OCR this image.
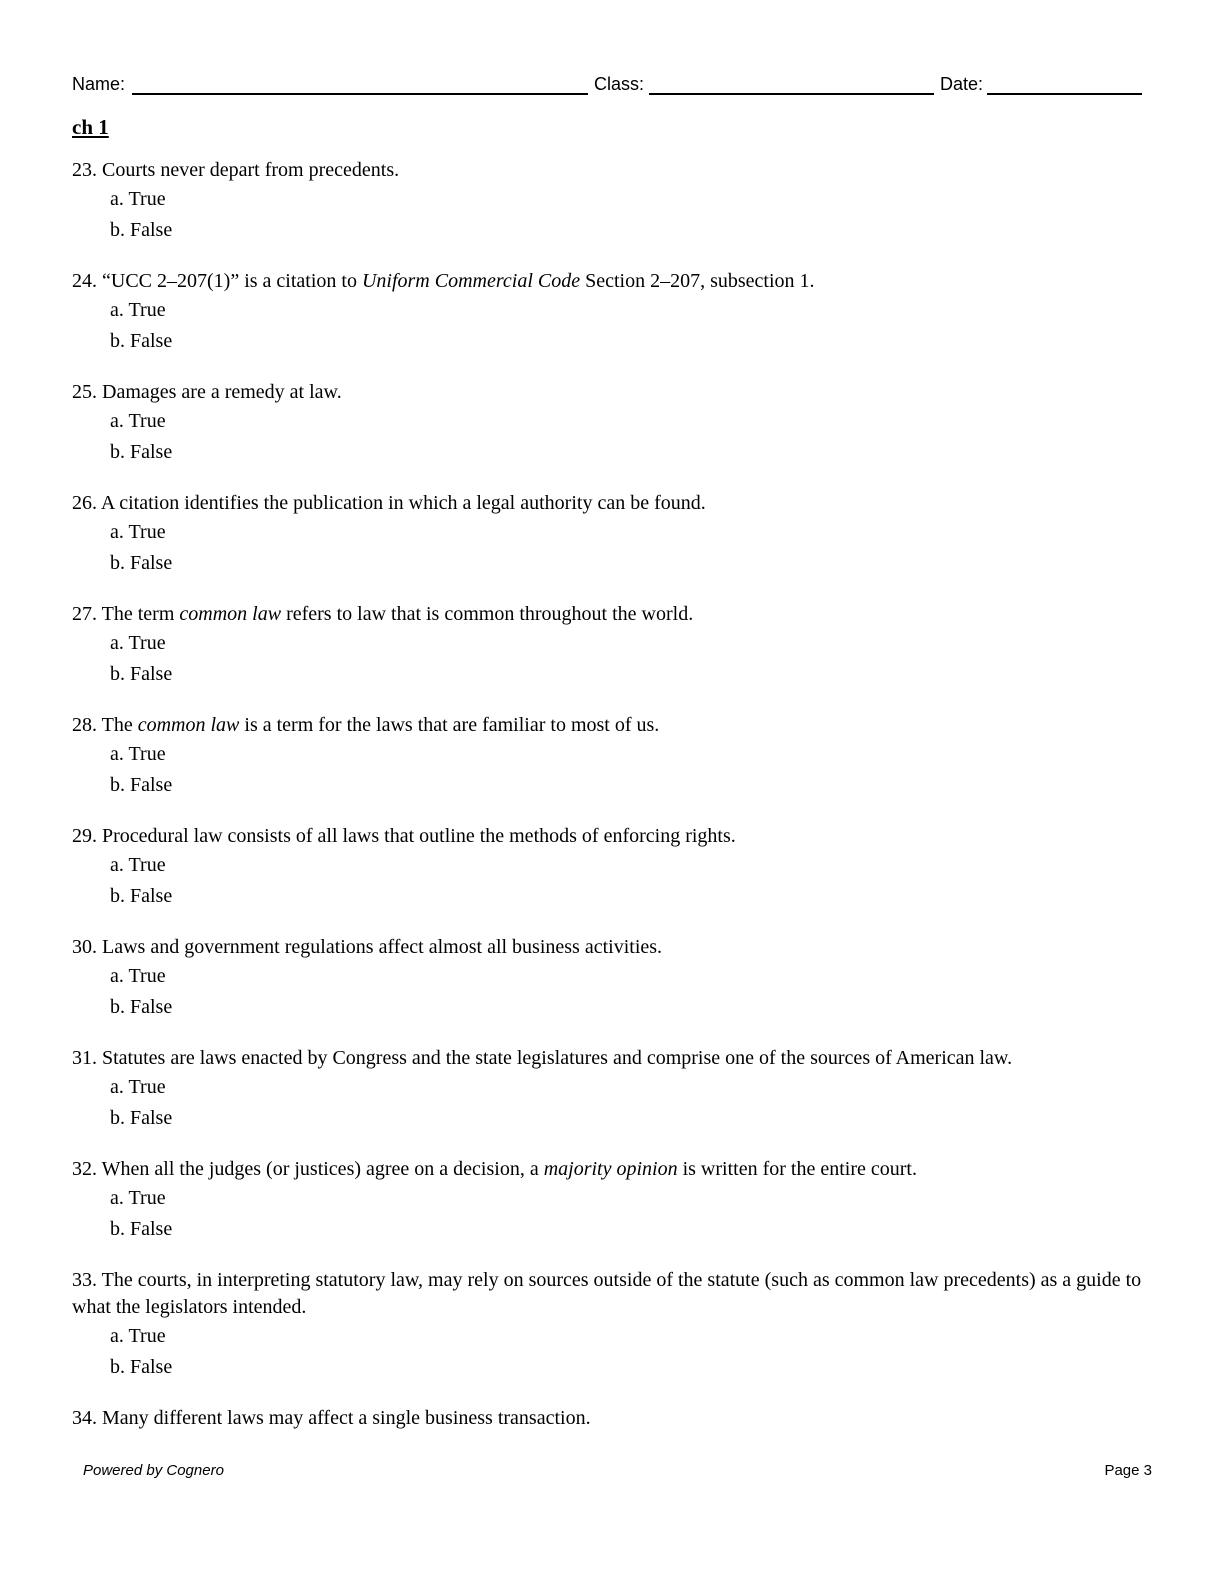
Name:	Class:	Date:
ch 1

23. Courts never depart from precedents.

a. True

b. False

24. “UCC 2–207(1)” is a citation to Uniform Commercial Code Section 2–207, subsection 1.

a. True

b. False

25. Damages are a remedy at law.

a. True

b. False

26. A citation identifies the publication in which a legal authority can be found.

a. True

b. False

27. The term common law refers to law that is common throughout the world.

a. True

b. False

28. The common law is a term for the laws that are familiar to most of us.

a. True

b. False

29. Procedural law consists of all laws that outline the methods of enforcing rights.

a. True

b. False

30. Laws and government regulations affect almost all business activities.

a. True

b. False

31. Statutes are laws enacted by Congress and the state legislatures and comprise one of the sources of American law.

a. True

b. False

32. When all the judges (or justices) agree on a decision, a majority opinion is written for the entire court.

a. True

b. False

33. The courts, in interpreting statutory law, may rely on sources outside of the statute (such as common law precedents) as a guide to what the legislators intended.

a. True

b. False

34. Many different laws may affect a single business transaction.

Powered by Cognero	Page 3
